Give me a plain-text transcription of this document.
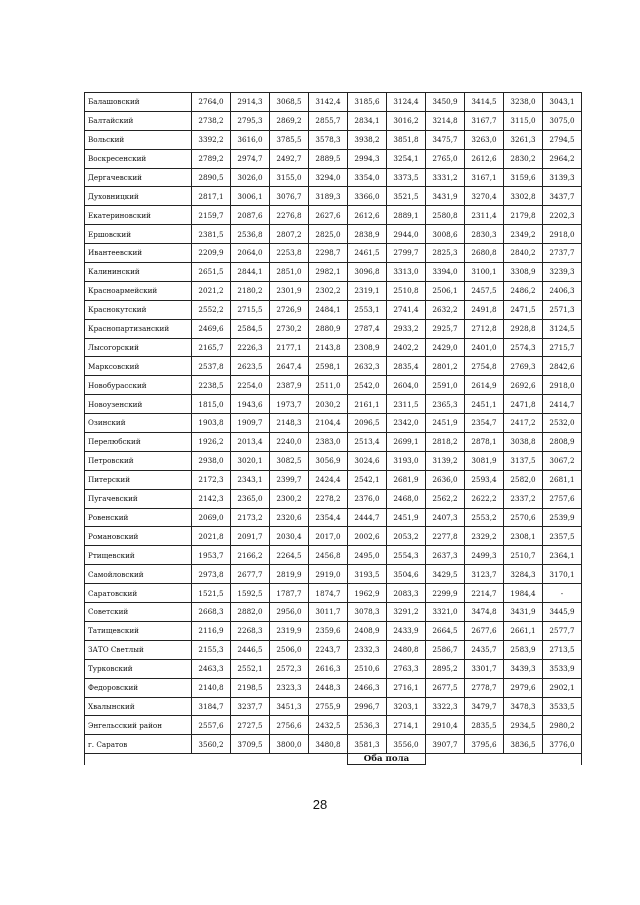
Балашовский	2764,0	2914,3	3068,5	3142,4	3185,6	3124,4	3450,9	3414,5	3238,0	3043,1
Балтайский	2738,2	2795,3	2869,2	2855,7	2834,1	3016,2	3214,8	3167,7	3115,0	3075,0
Вольский	3392,2	3616,0	3785,5	3578,3	3938,2	3851,8	3475,7	3263,0	3261,3	2794,5
Воскресенский	2789,2	2974,7	2492,7	2889,5	2994,3	3254,1	2765,0	2612,6	2830,2	2964,2
Дергачевский	2890,5	3026,0	3155,0	3294,0	3354,0	3373,5	3331,2	3167,1	3159,6	3139,3
Духовницкий	2817,1	3006,1	3076,7	3189,3	3366,0	3521,5	3431,9	3270,4	3302,8	3437,7
Екатериновский	2159,7	2087,6	2276,8	2627,6	2612,6	2889,1	2580,8	2311,4	2179,8	2202,3
Ершовский	2381,5	2536,8	2807,2	2825,0	2838,9	2944,0	3008,6	2830,3	2349,2	2918,0
Ивантеевский	2209,9	2064,0	2253,8	2298,7	2461,5	2799,7	2825,3	2680,8	2840,2	2737,7
Калининский	2651,5	2844,1	2851,0	2982,1	3096,8	3313,0	3394,0	3100,1	3308,9	3239,3
Красноармейский	2021,2	2180,2	2301,9	2302,2	2319,1	2510,8	2506,1	2457,5	2486,2	2406,3
Краснокутский	2552,2	2715,5	2726,9	2484,1	2553,1	2741,4	2632,2	2491,8	2471,5	2571,3
Краснопартизанский	2469,6	2584,5	2730,2	2880,9	2787,4	2933,2	2925,7	2712,8	2928,8	3124,5
Лысогорский	2165,7	2226,3	2177,1	2143,8	2308,9	2402,2	2429,0	2401,0	2574,3	2715,7
Марксовский	2537,8	2623,5	2647,4	2598,1	2632,3	2835,4	2801,2	2754,8	2769,3	2842,6
Новобурасский	2238,5	2254,0	2387,9	2511,0	2542,0	2604,0	2591,0	2614,9	2692,6	2918,0
Новоузенский	1815,0	1943,6	1973,7	2030,2	2161,1	2311,5	2365,3	2451,1	2471,8	2414,7
Озинский	1903,8	1909,7	2148,3	2104,4	2096,5	2342,0	2451,9	2354,7	2417,2	2532,0
Перелюбский	1926,2	2013,4	2240,0	2383,0	2513,4	2699,1	2818,2	2878,1	3038,8	2808,9
Петровский	2938,0	3020,1	3082,5	3056,9	3024,6	3193,0	3139,2	3081,9	3137,5	3067,2
Питерский	2172,3	2343,1	2399,7	2424,4	2542,1	2681,9	2636,0	2593,4	2582,0	2681,1
Пугачевский	2142,3	2365,0	2300,2	2278,2	2376,0	2468,0	2562,2	2622,2	2337,2	2757,6
Ровенский	2069,0	2173,2	2320,6	2354,4	2444,7	2451,9	2407,3	2553,2	2570,6	2539,9
Романовский	2021,8	2091,7	2030,4	2017,0	2002,6	2053,2	2277,8	2329,2	2308,1	2357,5
Ртищевский	1953,7	2166,2	2264,5	2456,8	2495,0	2554,3	2637,3	2499,3	2510,7	2364,1
Самойловский	2973,8	2677,7	2819,9	2919,0	3193,5	3504,6	3429,5	3123,7	3284,3	3170,1
Саратовский	1521,5	1592,5	1787,7	1874,7	1962,9	2083,3	2299,9	2214,7	1984,4	-
Советский	2668,3	2882,0	2956,0	3011,7	3078,3	3291,2	3321,0	3474,8	3431,9	3445,9
Татищевский	2116,9	2268,3	2319,9	2359,6	2408,9	2433,9	2664,5	2677,6	2661,1	2577,7
ЗАТО Светлый	2155,3	2446,5	2506,0	2243,7	2332,3	2480,8	2586,7	2435,7	2583,9	2713,5
Турковский	2463,3	2552,1	2572,3	2616,3	2510,6	2763,3	2895,2	3301,7	3439,3	3533,9
Федоровский	2140,8	2198,5	2323,3	2448,3	2466,3	2716,1	2677,5	2778,7	2979,6	2902,1
Хвалынский	3184,7	3237,7	3451,3	2755,9	2996,7	3203,1	3322,3	3479,7	3478,3	3533,5
Энгельсский район	2557,6	2727,5	2756,6	2432,5	2536,3	2714,1	2910,4	2835,5	2934,5	2980,2
г. Саратов	3560,2	3709,5	3800,0	3480,8	3581,3	3556,0	3907,7	3795,6	3836,5	3776,0
					Оба пола					
28
